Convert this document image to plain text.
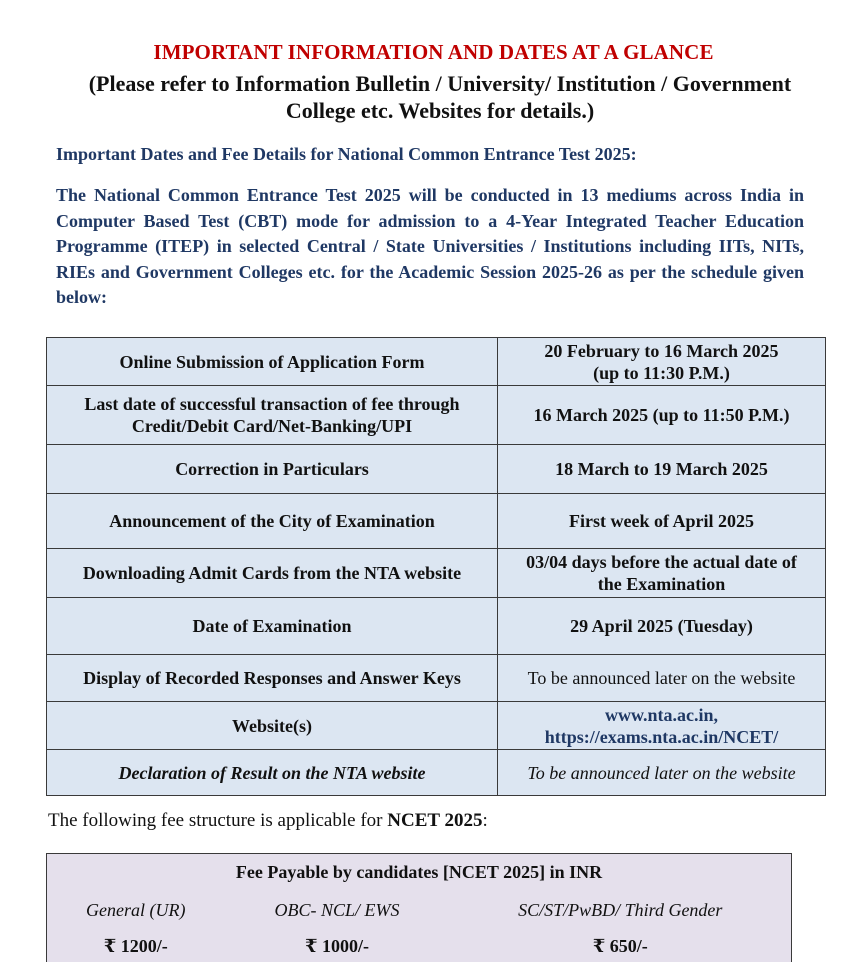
IMPORTANT INFORMATION AND DATES AT A GLANCE
(Please refer to Information Bulletin / University/ Institution / Government
College etc. Websites for details.)
Important Dates and Fee Details for National Common Entrance Test 2025:
The National Common Entrance Test 2025 will be conducted in 13 mediums across India in Computer Based Test (CBT) mode for admission to a 4-Year Integrated Teacher Education Programme (ITEP) in selected Central / State Universities / Institutions including IITs, NITs, RIEs and Government Colleges etc. for the Academic Session 2025-26 as per the schedule given below:
Online Submission of Application Form	20 February to 16 March 2025
(up to 11:30 P.M.)

Last date of successful transaction of fee through
Credit/Debit Card/Net-Banking/UPI	16 March 2025 (up to 11:50 P.M.)
Correction in Particulars	18 March to 19 March 2025
Announcement of the City of Examination	First week of April 2025
Downloading Admit Cards from the NTA website	03/04 days before the actual date of
the Examination

Date of Examination	29 April 2025 (Tuesday)
Display of Recorded Responses and Answer Keys	To be announced later on the website
Website(s)	www.nta.ac.in,
https://exams.nta.ac.in/NCET/

Declaration of Result on the NTA website	To be announced later on the website
The following fee structure is applicable for NCET 2025:
Fee Payable by candidates [NCET 2025] in INR		
General (UR)	OBC- NCL/ EWS	SC/ST/PwBD/ Third Gender
₹ 1200/-	₹ 1000/-	₹ 650/-
